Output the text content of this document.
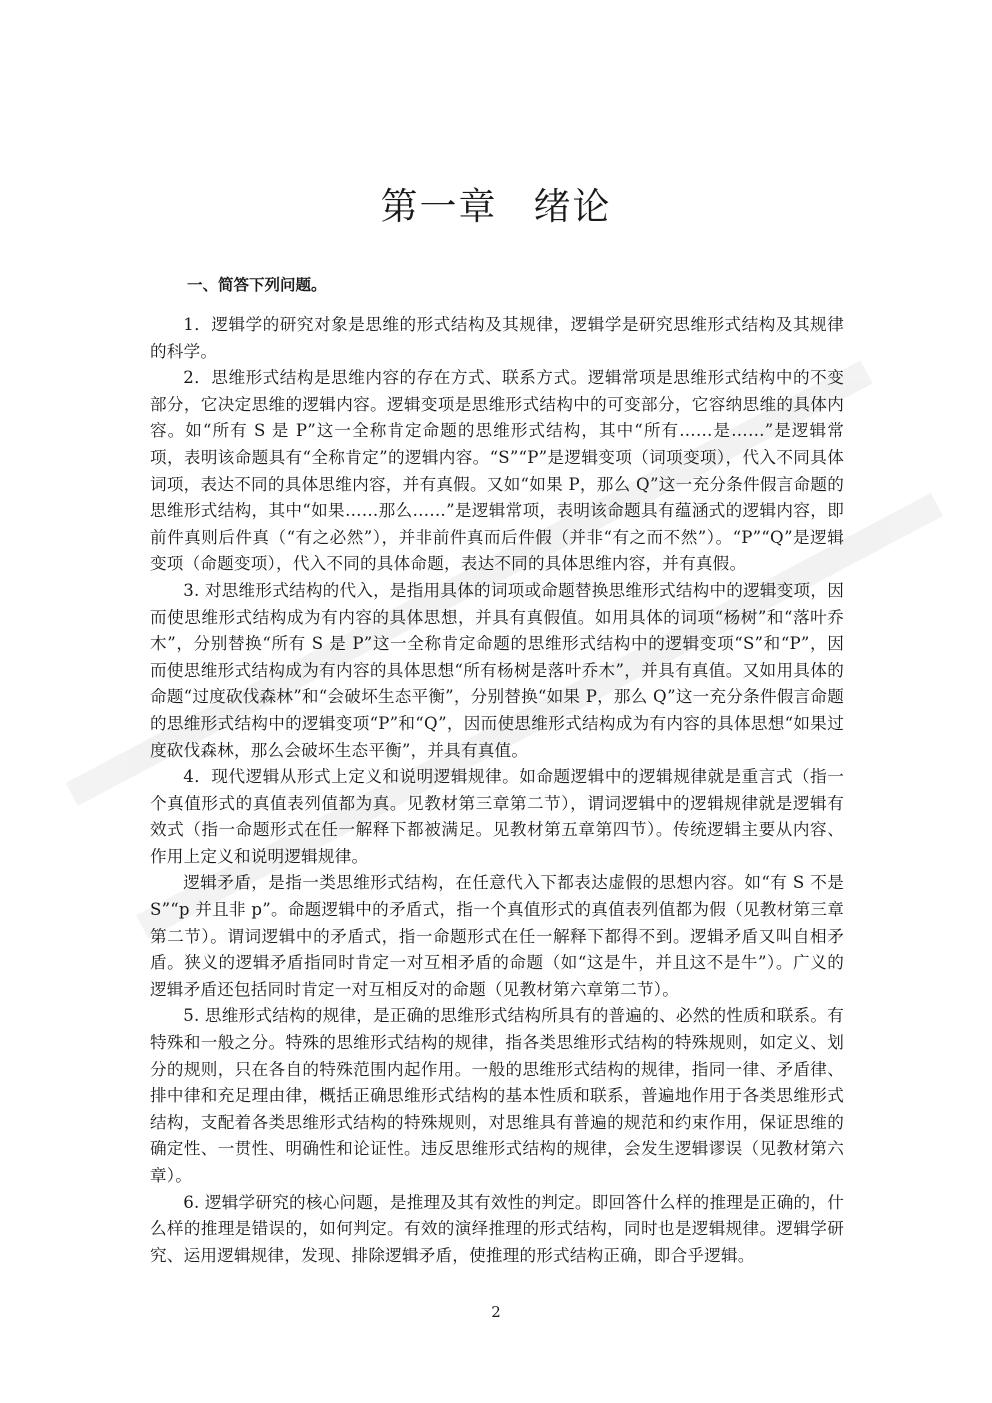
第一章 绪论
一、简答下列问题。

1．逻辑学的研究对象是思维的形式结构及其规律，逻辑学是研究思维形式结构及其规律的科学。

2．思维形式结构是思维内容的存在方式、联系方式。逻辑常项是思维形式结构中的不变部分，它决定思维的逻辑内容。逻辑变项是思维形式结构中的可变部分，它容纳思维的具体内容。如“所有 S 是 P”这一全称肯定命题的思维形式结构，其中“所有……是……”是逻辑常项，表明该命题具有“全称肯定”的逻辑内容。“S”“P”是逻辑变项（词项变项），代入不同具体词项，表达不同的具体思维内容，并有真假。又如“如果 P，那么 Q”这一充分条件假言命题的思维形式结构，其中“如果……那么……”是逻辑常项，表明该命题具有蕴涵式的逻辑内容，即前件真则后件真（“有之必然”），并非前件真而后件假（并非“有之而不然”）。“P”“Q”是逻辑变项（命题变项），代入不同的具体命题，表达不同的具体思维内容，并有真假。

3. 对思维形式结构的代入，是指用具体的词项或命题替换思维形式结构中的逻辑变项，因而使思维形式结构成为有内容的具体思想，并具有真假值。如用具体的词项“杨树”和“落叶乔木”，分别替换“所有 S 是 P”这一全称肯定命题的思维形式结构中的逻辑变项“S”和“P”，因而使思维形式结构成为有内容的具体思想“所有杨树是落叶乔木”，并具有真值。又如用具体的命题“过度砍伐森林”和“会破坏生态平衡”，分别替换“如果 P，那么 Q”这一充分条件假言命题的思维形式结构中的逻辑变项“P”和“Q”，因而使思维形式结构成为有内容的具体思想“如果过度砍伐森林，那么会破坏生态平衡”，并具有真值。

4．现代逻辑从形式上定义和说明逻辑规律。如命题逻辑中的逻辑规律就是重言式（指一个真值形式的真值表列值都为真。见教材第三章第二节），谓词逻辑中的逻辑规律就是逻辑有效式（指一命题形式在任一解释下都被满足。见教材第五章第四节）。传统逻辑主要从内容、作用上定义和说明逻辑规律。

逻辑矛盾，是指一类思维形式结构，在任意代入下都表达虚假的思想内容。如“有 S 不是 S”“p 并且非 p”。命题逻辑中的矛盾式，指一个真值形式的真值表列值都为假（见教材第三章第二节）。谓词逻辑中的矛盾式，指一命题形式在任一解释下都得不到。逻辑矛盾又叫自相矛盾。狭义的逻辑矛盾指同时肯定一对互相矛盾的命题（如“这是牛，并且这不是牛”）。广义的逻辑矛盾还包括同时肯定一对互相反对的命题（见教材第六章第二节）。

5. 思维形式结构的规律，是正确的思维形式结构所具有的普遍的、必然的性质和联系。有特殊和一般之分。特殊的思维形式结构的规律，指各类思维形式结构的特殊规则，如定义、划分的规则，只在各自的特殊范围内起作用。一般的思维形式结构的规律，指同一律、矛盾律、排中律和充足理由律，概括正确思维形式结构的基本性质和联系，普遍地作用于各类思维形式结构，支配着各类思维形式结构的特殊规则，对思维具有普遍的规范和约束作用，保证思维的确定性、一贯性、明确性和论证性。违反思维形式结构的规律，会发生逻辑谬误（见教材第六章）。

6. 逻辑学研究的核心问题，是推理及其有效性的判定。即回答什么样的推理是正确的，什么样的推理是错误的，如何判定。有效的演绎推理的形式结构，同时也是逻辑规律。逻辑学研究、运用逻辑规律，发现、排除逻辑矛盾，使推理的形式结构正确，即合乎逻辑。

2
